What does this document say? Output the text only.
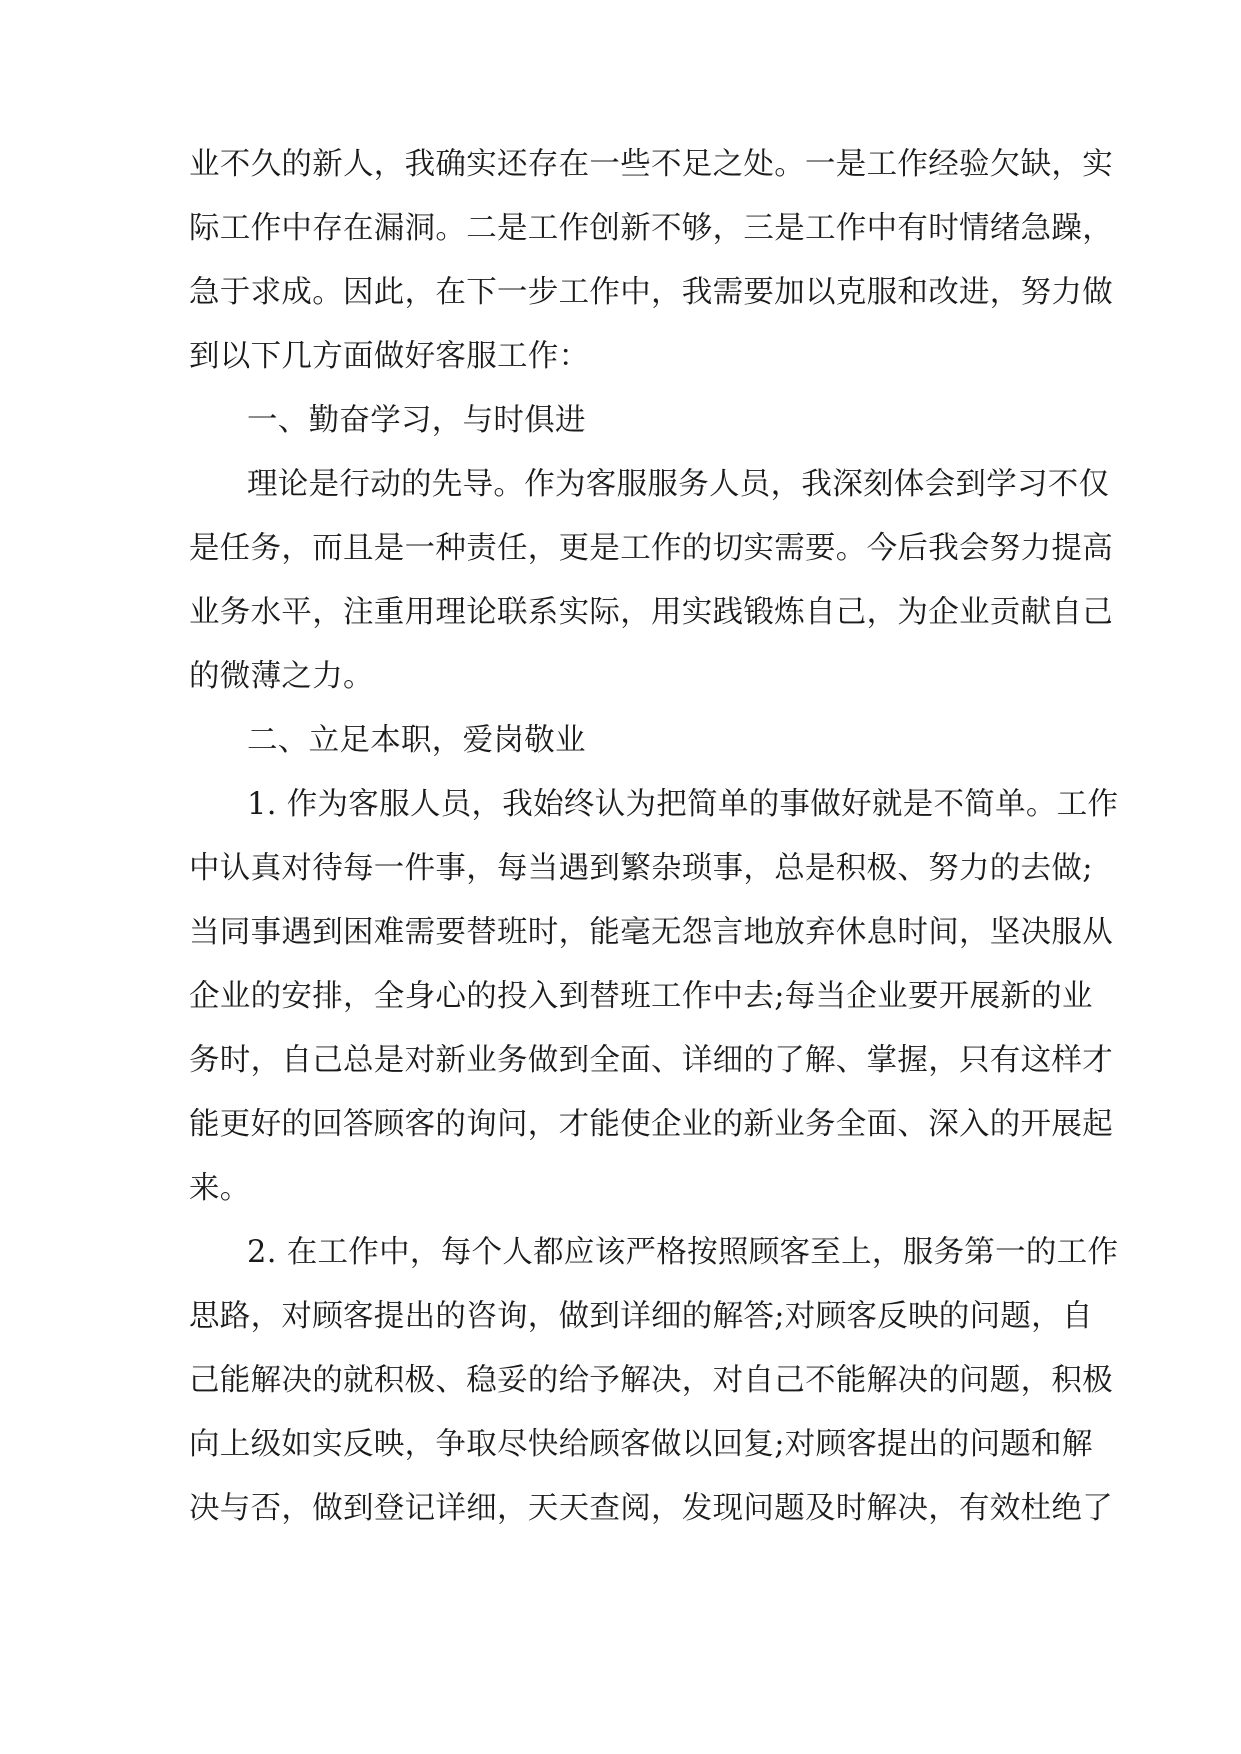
业不久的新人，我确实还存在一些不足之处。一是工作经验欠缺，实
际工作中存在漏洞。二是工作创新不够，三是工作中有时情绪急躁，
急于求成。因此，在下一步工作中，我需要加以克服和改进，努力做
到以下几方面做好客服工作：
一、勤奋学习，与时俱进
理论是行动的先导。作为客服服务人员，我深刻体会到学习不仅
是任务，而且是一种责任，更是工作的切实需要。今后我会努力提高
业务水平，注重用理论联系实际，用实践锻炼自己，为企业贡献自己
的微薄之力。
二、立足本职，爱岗敬业
1. 作为客服人员，我始终认为把简单的事做好就是不简单。工作
中认真对待每一件事，每当遇到繁杂琐事，总是积极、努力的去做;
当同事遇到困难需要替班时，能毫无怨言地放弃休息时间，坚决服从
企业的安排，全身心的投入到替班工作中去;每当企业要开展新的业
务时，自己总是对新业务做到全面、详细的了解、掌握，只有这样才
能更好的回答顾客的询问，才能使企业的新业务全面、深入的开展起
来。
2. 在工作中，每个人都应该严格按照顾客至上，服务第一的工作
思路，对顾客提出的咨询，做到详细的解答;对顾客反映的问题，自
己能解决的就积极、稳妥的给予解决，对自己不能解决的问题，积极
向上级如实反映，争取尽快给顾客做以回复;对顾客提出的问题和解
决与否，做到登记详细，天天查阅，发现问题及时解决，有效杜绝了
